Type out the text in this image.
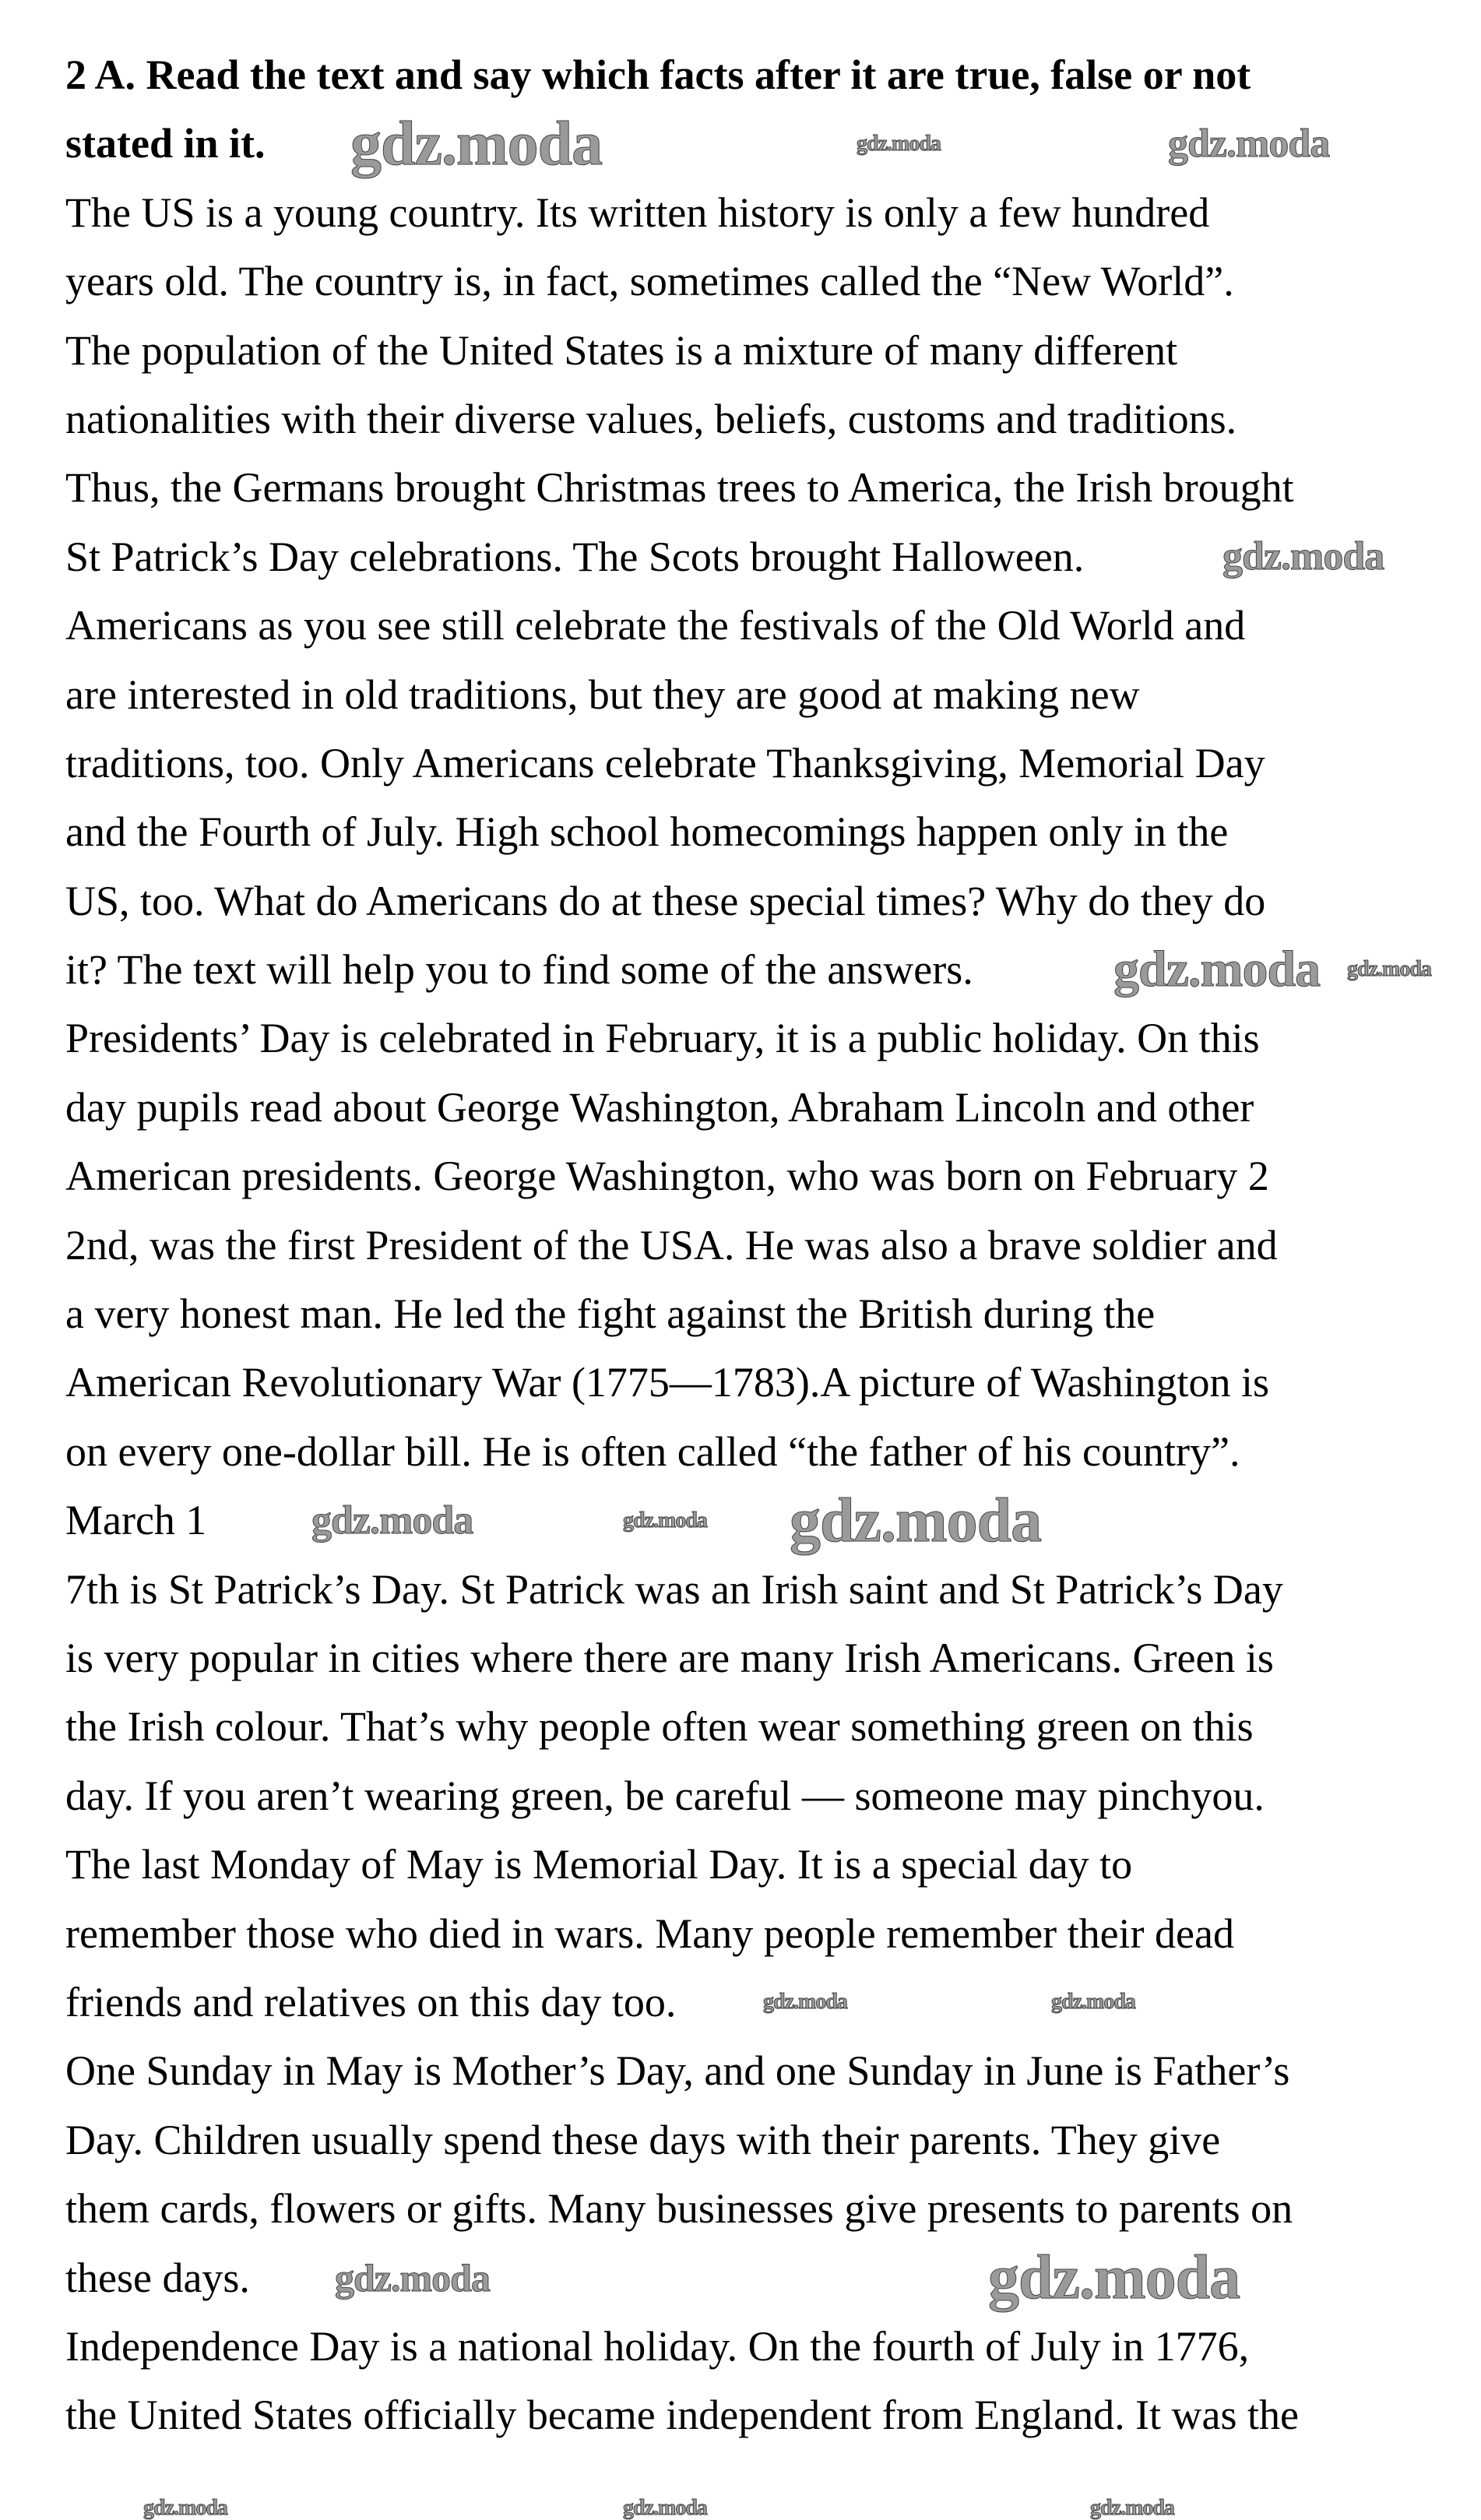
2 A. Read the text and say which facts after it are true, false or not
stated in it.
The US is a young country. Its written history is only a few hundred
years old. The country is, in fact, sometimes called the “New World”.
The population of the United States is a mixture of many different
nationalities with their diverse values, beliefs, customs and traditions.
Thus, the Germans brought Christmas trees to America, the Irish brought
St Patrick’s Day celebrations. The Scots brought Halloween.
Americans as you see still celebrate the festivals of the Old World and
are interested in old traditions, but they are good at making new
traditions, too. Only Americans celebrate Thanksgiving, Memorial Day
and the Fourth of July. High school homecomings happen only in the
US, too. What do Americans do at these special times? Why do they do
it? The text will help you to find some of the answers.
Presidents’ Day is celebrated in February, it is a public holiday. On this
day pupils read about George Washington, Abraham Lincoln and other
American presidents. George Washington, who was born on February 2
2nd, was the first President of the USA. He was also a brave soldier and
a very honest man. He led the fight against the British during the
American Revolutionary War (1775—1783).A picture of Washington is
on every one-dollar bill. He is often called “the father of his country”.
March 1
7th is St Patrick’s Day. St Patrick was an Irish saint and St Patrick’s Day
is very popular in cities where there are many Irish Americans. Green is
the Irish colour. That’s why people often wear something green on this
day. If you aren’t wearing green, be careful — someone may pinchyou.
The last Monday of May is Memorial Day. It is a special day to
remember those who died in wars. Many people remember their dead
friends and relatives on this day too.
One Sunday in May is Mother’s Day, and one Sunday in June is Father’s
Day. Children usually spend these days with their parents. They give
them cards, flowers or gifts. Many businesses give presents to parents on
these days.
Independence Day is a national holiday. On the fourth of July in 1776,
the United States officially became independent from England. It was the
gdz.moda	gdz.moda	gdz.moda
gdz.moda
gdz.moda gdz.moda
gdz.moda	gdz.moda gdz.moda
gdz.moda	gdz.moda
gdz.moda	gdz.moda
gdz.moda	gdz.moda	gdz.moda
